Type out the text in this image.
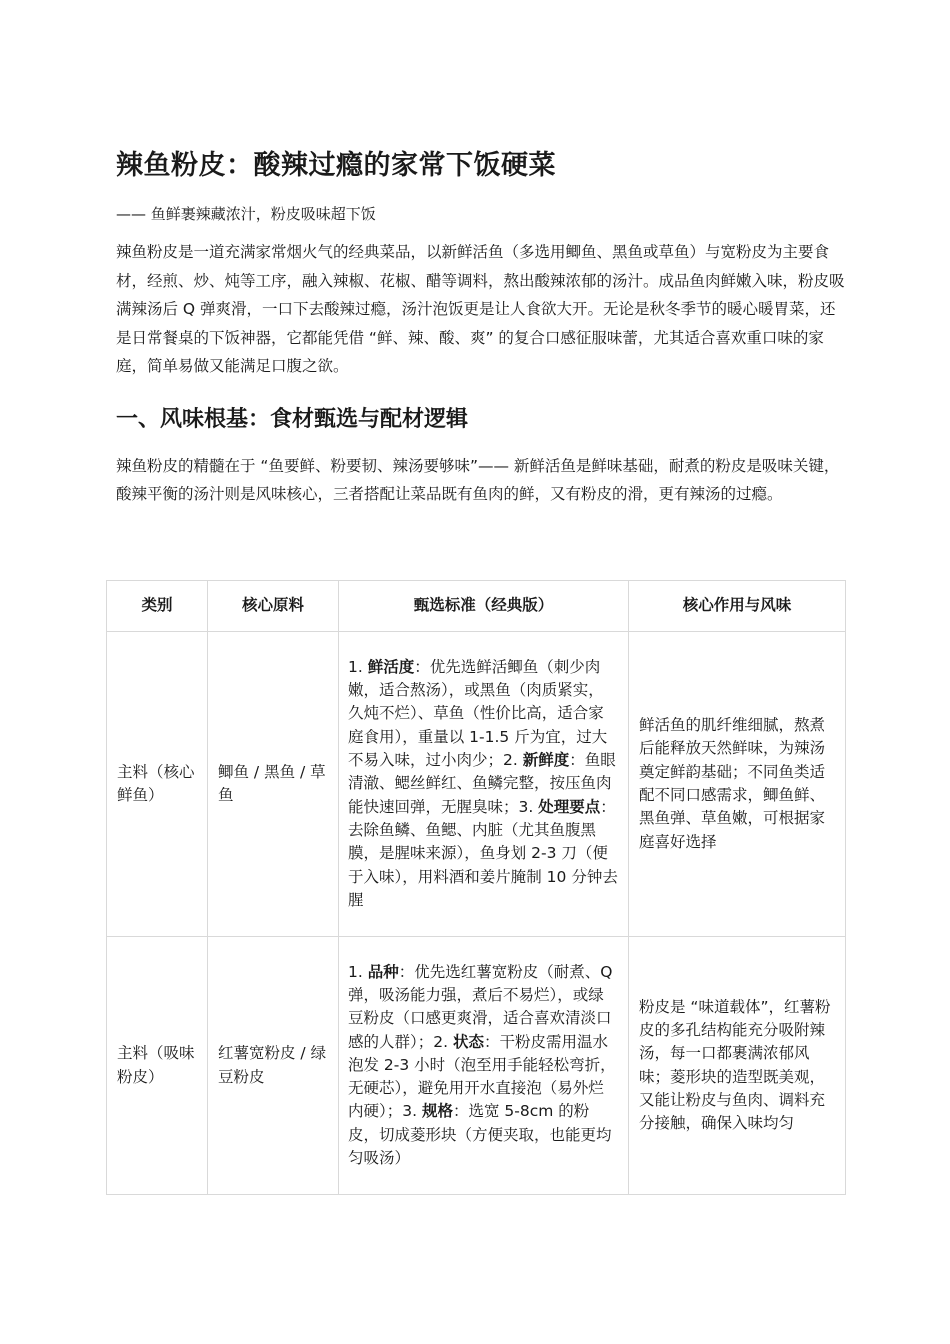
辣鱼粉皮：酸辣过瘾的家常下饭硬菜

—— 鱼鲜裹辣藏浓汁，粉皮吸味超下饭

辣鱼粉皮是一道充满家常烟火气的经典菜品，以新鲜活鱼（多选用鲫鱼、黑鱼或草鱼）与宽粉皮为主要食材，经煎、炒、炖等工序，融入辣椒、花椒、醋等调料，熬出酸辣浓郁的汤汁。成品鱼肉鲜嫩入味，粉皮吸满辣汤后 Q 弹爽滑，一口下去酸辣过瘾，汤汁泡饭更是让人食欲大开。无论是秋冬季节的暖心暖胃菜，还是日常餐桌的下饭神器，它都能凭借 “鲜、辣、酸、爽” 的复合口感征服味蕾，尤其适合喜欢重口味的家庭，简单易做又能满足口腹之欲。

一、风味根基：食材甄选与配材逻辑

辣鱼粉皮的精髓在于 “鱼要鲜、粉要韧、辣汤要够味”—— 新鲜活鱼是鲜味基础，耐煮的粉皮是吸味关键，酸辣平衡的汤汁则是风味核心，三者搭配让菜品既有鱼肉的鲜，又有粉皮的滑，更有辣汤的过瘾。

类别	核心原料	甄选标准（经典版）	核心作用与风味
主料（核心鲜鱼）	鲫鱼 / 黑鱼 / 草鱼	1. 鲜活度：优先选鲜活鲫鱼（刺少肉嫩，适合熬汤），或黑鱼（肉质紧实，久炖不烂）、草鱼（性价比高，适合家庭食用），重量以 1-1.5 斤为宜，过大不易入味，过小肉少；2. 新鲜度：鱼眼清澈、鳃丝鲜红、鱼鳞完整，按压鱼肉能快速回弹，无腥臭味；3. 处理要点：去除鱼鳞、鱼鳃、内脏（尤其鱼腹黑膜，是腥味来源），鱼身划 2-3 刀（便于入味），用料酒和姜片腌制 10 分钟去腥	鲜活鱼的肌纤维细腻，熬煮后能释放天然鲜味，为辣汤奠定鲜韵基础；不同鱼类适配不同口感需求，鲫鱼鲜、黑鱼弹、草鱼嫩，可根据家庭喜好选择
主料（吸味粉皮）	红薯宽粉皮 / 绿豆粉皮	1. 品种：优先选红薯宽粉皮（耐煮、Q 弹，吸汤能力强，煮后不易烂），或绿豆粉皮（口感更爽滑，适合喜欢清淡口感的人群）；2. 状态：干粉皮需用温水泡发 2-3 小时（泡至用手能轻松弯折，无硬芯），避免用开水直接泡（易外烂内硬）；3. 规格：选宽 5-8cm 的粉皮，切成菱形块（方便夹取，也能更均匀吸汤）	粉皮是 “味道载体”，红薯粉皮的多孔结构能充分吸附辣汤，每一口都裹满浓郁风味；菱形块的造型既美观，又能让粉皮与鱼肉、调料充分接触，确保入味均匀
